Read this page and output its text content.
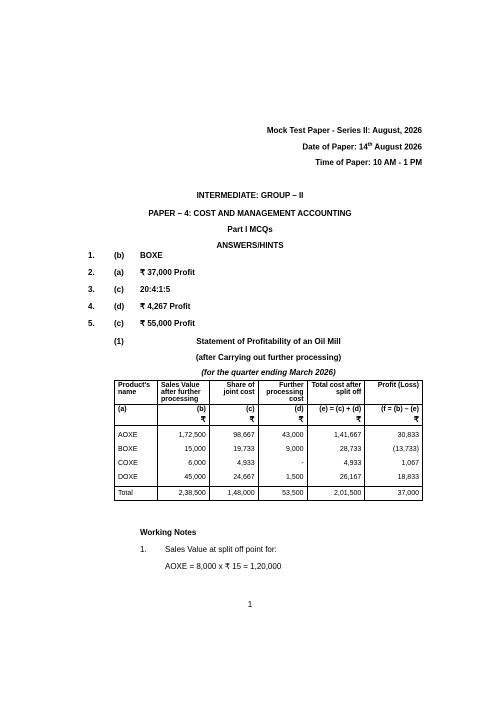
Mock Test Paper - Series II: August, 2026
Date of Paper: 14th August 2026
Time of Paper: 10 AM - 1 PM
INTERMEDIATE: GROUP – II
PAPER – 4: COST AND MANAGEMENT ACCOUNTING
Part I MCQs
ANSWERS/HINTS
1. (b) BOXE
2. (a) ₹ 37,000 Profit
3. (c) 20:4:1:5
4. (d) ₹ 4,267 Profit
5. (c) ₹ 55,000 Profit
(1)	Statement of Profitability of an Oil Mill
(after Carrying out further processing)
(for the quarter ending March 2026)
Product's name	Sales Value after further processing	Share of joint cost	Further processing cost	Total cost after split off	Profit (Loss)
(a)	(b)	(c)	(d)	(e) = (c) + (d)	(f = (b) – (e)
	₹	₹	₹	₹	₹
AOXE	1,72,500	98,667	43,000	1,41,667	30,833
BOXE	15,000	19,733	9,000	28,733	(13,733)
COXE	6,000	4,933	-	4,933	1,067
DOXE	45,000	24,667	1,500	26,167	18,833
Total	2,38,500	1,48,000	53,500	2,01,500	37,000
Working Notes
1. Sales Value at split off point for:
AOXE = 8,000 x ₹ 15 = 1,20,000
1
